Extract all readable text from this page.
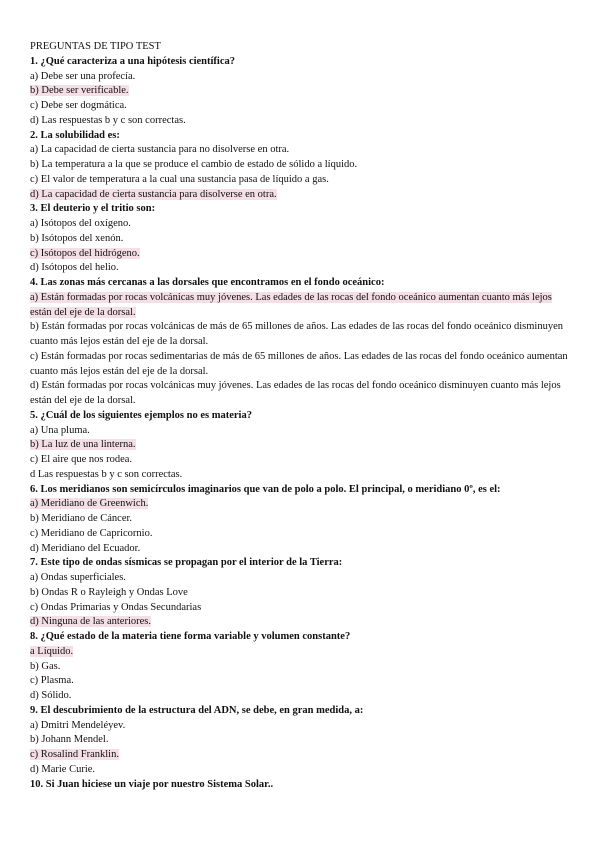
PREGUNTAS DE TIPO TEST

1. ¿Qué caracteriza a una hipótesis científica?

a) Debe ser una profecía.

b) Debe ser verificable.

c) Debe ser dogmática.

d) Las respuestas b y c son correctas.

2. La solubilidad es:

a) La capacidad de cierta sustancia para no disolverse en otra.

b) La temperatura a la que se produce el cambio de estado de sólido a líquido.

c) El valor de temperatura a la cual una sustancia pasa de líquido a gas.

d) La capacidad de cierta sustancia para disolverse en otra.

3. El deuterio y el tritio son:

a) Isótopos del oxígeno.

b) Isótopos del xenón.

c) Isótopos del hidrógeno.

d) Isótopos del helio.

4. Las zonas más cercanas a las dorsales que encontramos en el fondo oceánico:

a) Están formadas por rocas volcánicas muy jóvenes. Las edades de las rocas del fondo oceánico aumentan cuanto más lejos están del eje de la dorsal.

b) Están formadas por rocas volcánicas de más de 65 millones de años. Las edades de las rocas del fondo oceánico disminuyen cuanto más lejos están del eje de la dorsal.

c) Están formadas por rocas sedimentarias de más de 65 millones de años. Las edades de las rocas del fondo oceánico aumentan cuanto más lejos están del eje de la dorsal.

d) Están formadas por rocas volcánicas muy jóvenes. Las edades de las rocas del fondo oceánico disminuyen cuanto más lejos están del eje de la dorsal.

5. ¿Cuál de los siguientes ejemplos no es materia?

a) Una pluma.

b) La luz de una linterna.

c) El aire que nos rodea.

d Las respuestas b y c son correctas.

6. Los meridianos son semicírculos imaginarios que van de polo a polo. El principal, o meridiano 0º, es el:

a) Meridiano de Greenwich.

b) Meridiano de Cáncer.

c) Meridiano de Capricornio.

d) Meridiano del Ecuador.

7. Este tipo de ondas sísmicas se propagan por el interior de la Tierra:

a) Ondas superficiales.

b) Ondas R o Rayleigh y Ondas Love

c) Ondas Primarias y Ondas Secundarias

d) Ninguna de las anteriores.

8. ¿Qué estado de la materia tiene forma variable y volumen constante?

a Líquido.

b) Gas.

c) Plasma.

d) Sólido.

9. El descubrimiento de la estructura del ADN, se debe, en gran medida, a:

a) Dmitri Mendeléyev.

b) Johann Mendel.

c) Rosalind Franklin.

d) Marie Curie.

10. Si Juan hiciese un viaje por nuestro Sistema Solar..
